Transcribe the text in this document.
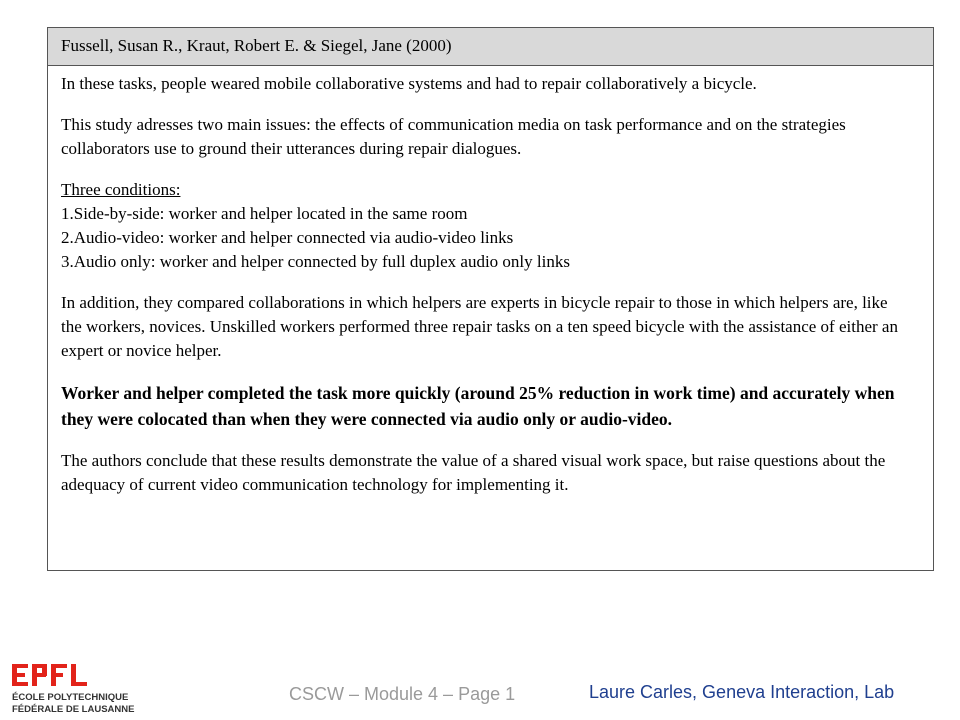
Fussell, Susan R., Kraut, Robert E. & Siegel, Jane (2000)

In these tasks, people weared mobile collaborative systems and had to repair collaboratively a bicycle.

This study adresses two main issues: the effects of communication media on task performance and on the strategies collaborators use to ground their utterances during repair dialogues.

Three conditions:

1.Side-by-side: worker and helper located in the same room

2.Audio-video: worker and helper connected via audio-video links

3.Audio only: worker and helper connected by full duplex audio only links

In addition, they compared collaborations in which helpers are experts in bicycle repair to those in which helpers are, like the workers, novices. Unskilled workers performed three repair tasks on a ten speed bicycle with the assistance of either an expert or novice helper.

Worker and helper completed the task more quickly (around 25% reduction in work time) and accurately when they were colocated than when they were connected via audio only or audio-video.

The authors conclude that these results demonstrate the value of a shared visual work space, but raise questions about the adequacy of current video communication technology for implementing it.

ÉCOLE POLYTECHNIQUE
FÉDÉRALE DE LAUSANNE
CSCW – Module 4 – Page 1	Laure Carles, Geneva Interaction, Lab
